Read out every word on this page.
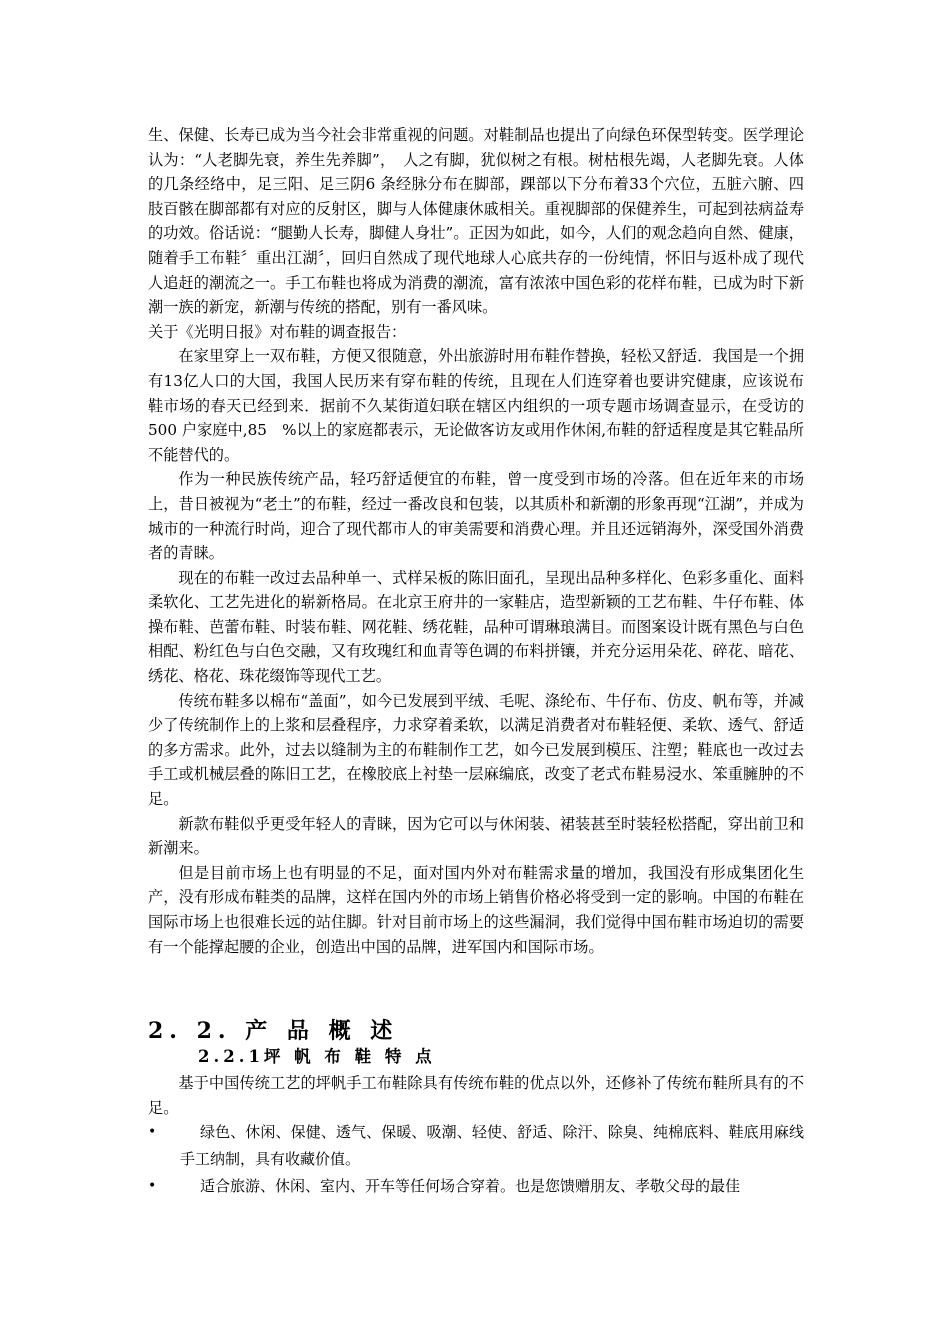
生、保健、长寿已成为当今社会非常重视的问题。对鞋制品也提出了向绿色环保型转变。医学理论认为：“人老脚先衰，养生先养脚”，　人之有脚，犹似树之有根。树枯根先竭，人老脚先衰。人体的几条经络中，足三阳、足三阴6 条经脉分布在脚部，踝部以下分布着33个穴位，五脏六腑、四肢百骸在脚部都有对应的反射区，脚与人体健康休戚相关。重视脚部的保健养生，可起到祛病益寿的功效。俗话说：“腿勤人长寿，脚健人身壮”。正因为如此，如今，人们的观念趋向自然、健康，随着手工布鞋〞重出江湖〞，回归自然成了现代地球人心底共存的一份纯情，怀旧与返朴成了现代人追赶的潮流之一。手工布鞋也将成为消费的潮流，富有浓浓中国色彩的花样布鞋，已成为时下新潮一族的新宠，新潮与传统的搭配，别有一番风味。

关于《光明日报》对布鞋的调查报告：

在家里穿上一双布鞋，方便又很随意，外出旅游时用布鞋作替换，轻松又舒适．我国是一个拥有13亿人口的大国，我国人民历来有穿布鞋的传统，且现在人们连穿着也要讲究健康，应该说布鞋市场的春天已经到来．据前不久某街道妇联在辖区内组织的一项专题市场调查显示，在受访的500 户家庭中,85　%以上的家庭都表示，无论做客访友或用作休闲,布鞋的舒适程度是其它鞋品所不能替代的。

作为一种民族传统产品，轻巧舒适便宜的布鞋，曾一度受到市场的冷落。但在近年来的市场上，昔日被视为“老土”的布鞋，经过一番改良和包装，以其质朴和新潮的形象再现“江湖”，并成为城市的一种流行时尚，迎合了现代都市人的审美需要和消费心理。并且还远销海外，深受国外消费者的青睐。

现在的布鞋一改过去品种单一、式样呆板的陈旧面孔，呈现出品种多样化、色彩多重化、面料柔软化、工艺先进化的崭新格局。在北京王府井的一家鞋店，造型新颖的工艺布鞋、牛仔布鞋、体操布鞋、芭蕾布鞋、时装布鞋、网花鞋、绣花鞋，品种可谓琳琅满目。而图案设计既有黑色与白色相配、粉红色与白色交融，又有玫瑰红和血青等色调的布料拼镶，并充分运用朵花、碎花、暗花、绣花、格花、珠花缀饰等现代工艺。

传统布鞋多以棉布“盖面”，如今已发展到平绒、毛呢、涤纶布、牛仔布、仿皮、帆布等，并减少了传统制作上的上浆和层叠程序，力求穿着柔软，以满足消费者对布鞋轻便、柔软、透气、舒适的多方需求。此外，过去以缝制为主的布鞋制作工艺，如今已发展到模压、注塑；鞋底也一改过去手工或机械层叠的陈旧工艺，在橡胶底上衬垫一层麻编底，改变了老式布鞋易浸水、笨重臃肿的不足。

新款布鞋似乎更受年轻人的青睐，因为它可以与休闲装、裙装甚至时装轻松搭配，穿出前卫和新潮来。

但是目前市场上也有明显的不足，面对国内外对布鞋需求量的增加，我国没有形成集团化生产，没有形成布鞋类的品牌，这样在国内外的市场上销售价格必将受到一定的影响。中国的布鞋在国际市场上也很难长远的站住脚。针对目前市场上的这些漏洞，我们觉得中国布鞋市场迫切的需要有一个能撑起腰的企业，创造出中国的品牌，进军国内和国际市场。

2. 2. 产 品 概 述
2.2.1坪 帆 布 鞋 特 点

基于中国传统工艺的坪帆手工布鞋除具有传统布鞋的优点以外，还修补了传统布鞋所具有的不足。

•	绿色、休闲、保健、透气、保暖、吸潮、轻使、舒适、除汗、除臭、纯棉底料、鞋底用麻线手工纳制，具有收藏价值。
•	适合旅游、休闲、室内、开车等任何场合穿着。也是您馈赠朋友、孝敬父母的最佳
